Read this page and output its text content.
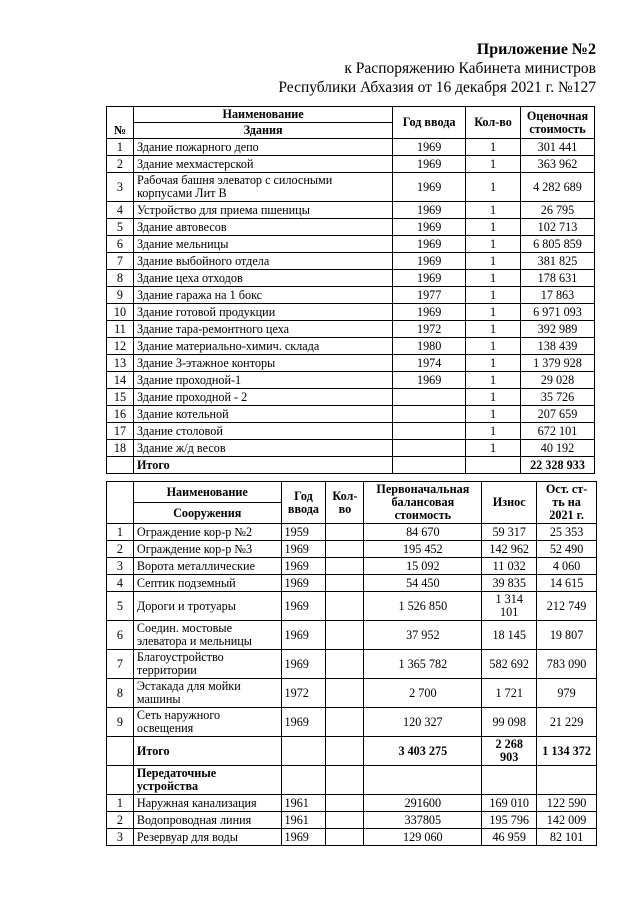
Приложение №2
к Распоряжению Кабинета министров
Республики Абхазия от 16 декабря 2021 г. №127
№	Наименование	Год ввода	Кол-во	Оценочная стоимость
	Здания			
1	Здание пожарного депо	1969	1	301 441
2	Здание мехмастерской	1969	1	363 962
3	Рабочая башня элеватор с силосными корпусами Лит В	1969	1	4 282 689
4	Устройство для приема пшеницы	1969	1	26 795
5	Здание автовесов	1969	1	102 713
6	Здание мельницы	1969	1	6 805 859
7	Здание выбойного отдела	1969	1	381 825
8	Здание цеха отходов	1969	1	178 631
9	Здание гаража на 1 бокс	1977	1	17 863
10	Здание готовой продукции	1969	1	6 971 093
11	Здание тара-ремонтного цеха	1972	1	392 989
12	Здание материально-химич. склада	1980	1	138 439
13	Здание 3-этажное конторы	1974	1	1 379 928
14	Здание проходной-1	1969	1	29 028
15	Здание проходной - 2		1	35 726
16	Здание котельной		1	207 659
17	Здание столовой		1	672 101
18	Здание ж/д весов		1	40 192
	Итого			22 328 933
	Наименование	Год ввода	Кол-во	Первоначальная балансовая стоимость	Износ	Ост. ст-ть на 2021 г.
	Сооружения					
1	Ограждение кор-р №2	1959		84 670	59 317	25 353
2	Ограждение кор-р №3	1969		195 452	142 962	52 490
3	Ворота металлические	1969		15 092	11 032	4 060
4	Септик подземный	1969		54 450	39 835	14 615
5	Дороги и тротуары	1969		1 526 850	1 314 101	212 749
6	Соедин. мостовые элеватора и мельницы	1969		37 952	18 145	19 807
7	Благоустройство территории	1969		1 365 782	582 692	783 090
8	Эстакада для мойки машины	1972		2 700	1 721	979
9	Сеть наружного освещения	1969		120 327	99 098	21 229
	Итого			3 403 275	2 268 903	1 134 372
	Передаточные устройства					
1	Наружная канализация	1961		291600	169 010	122 590
2	Водопроводная линия	1961		337805	195 796	142 009
3	Резервуар для воды	1969		129 060	46 959	82 101
